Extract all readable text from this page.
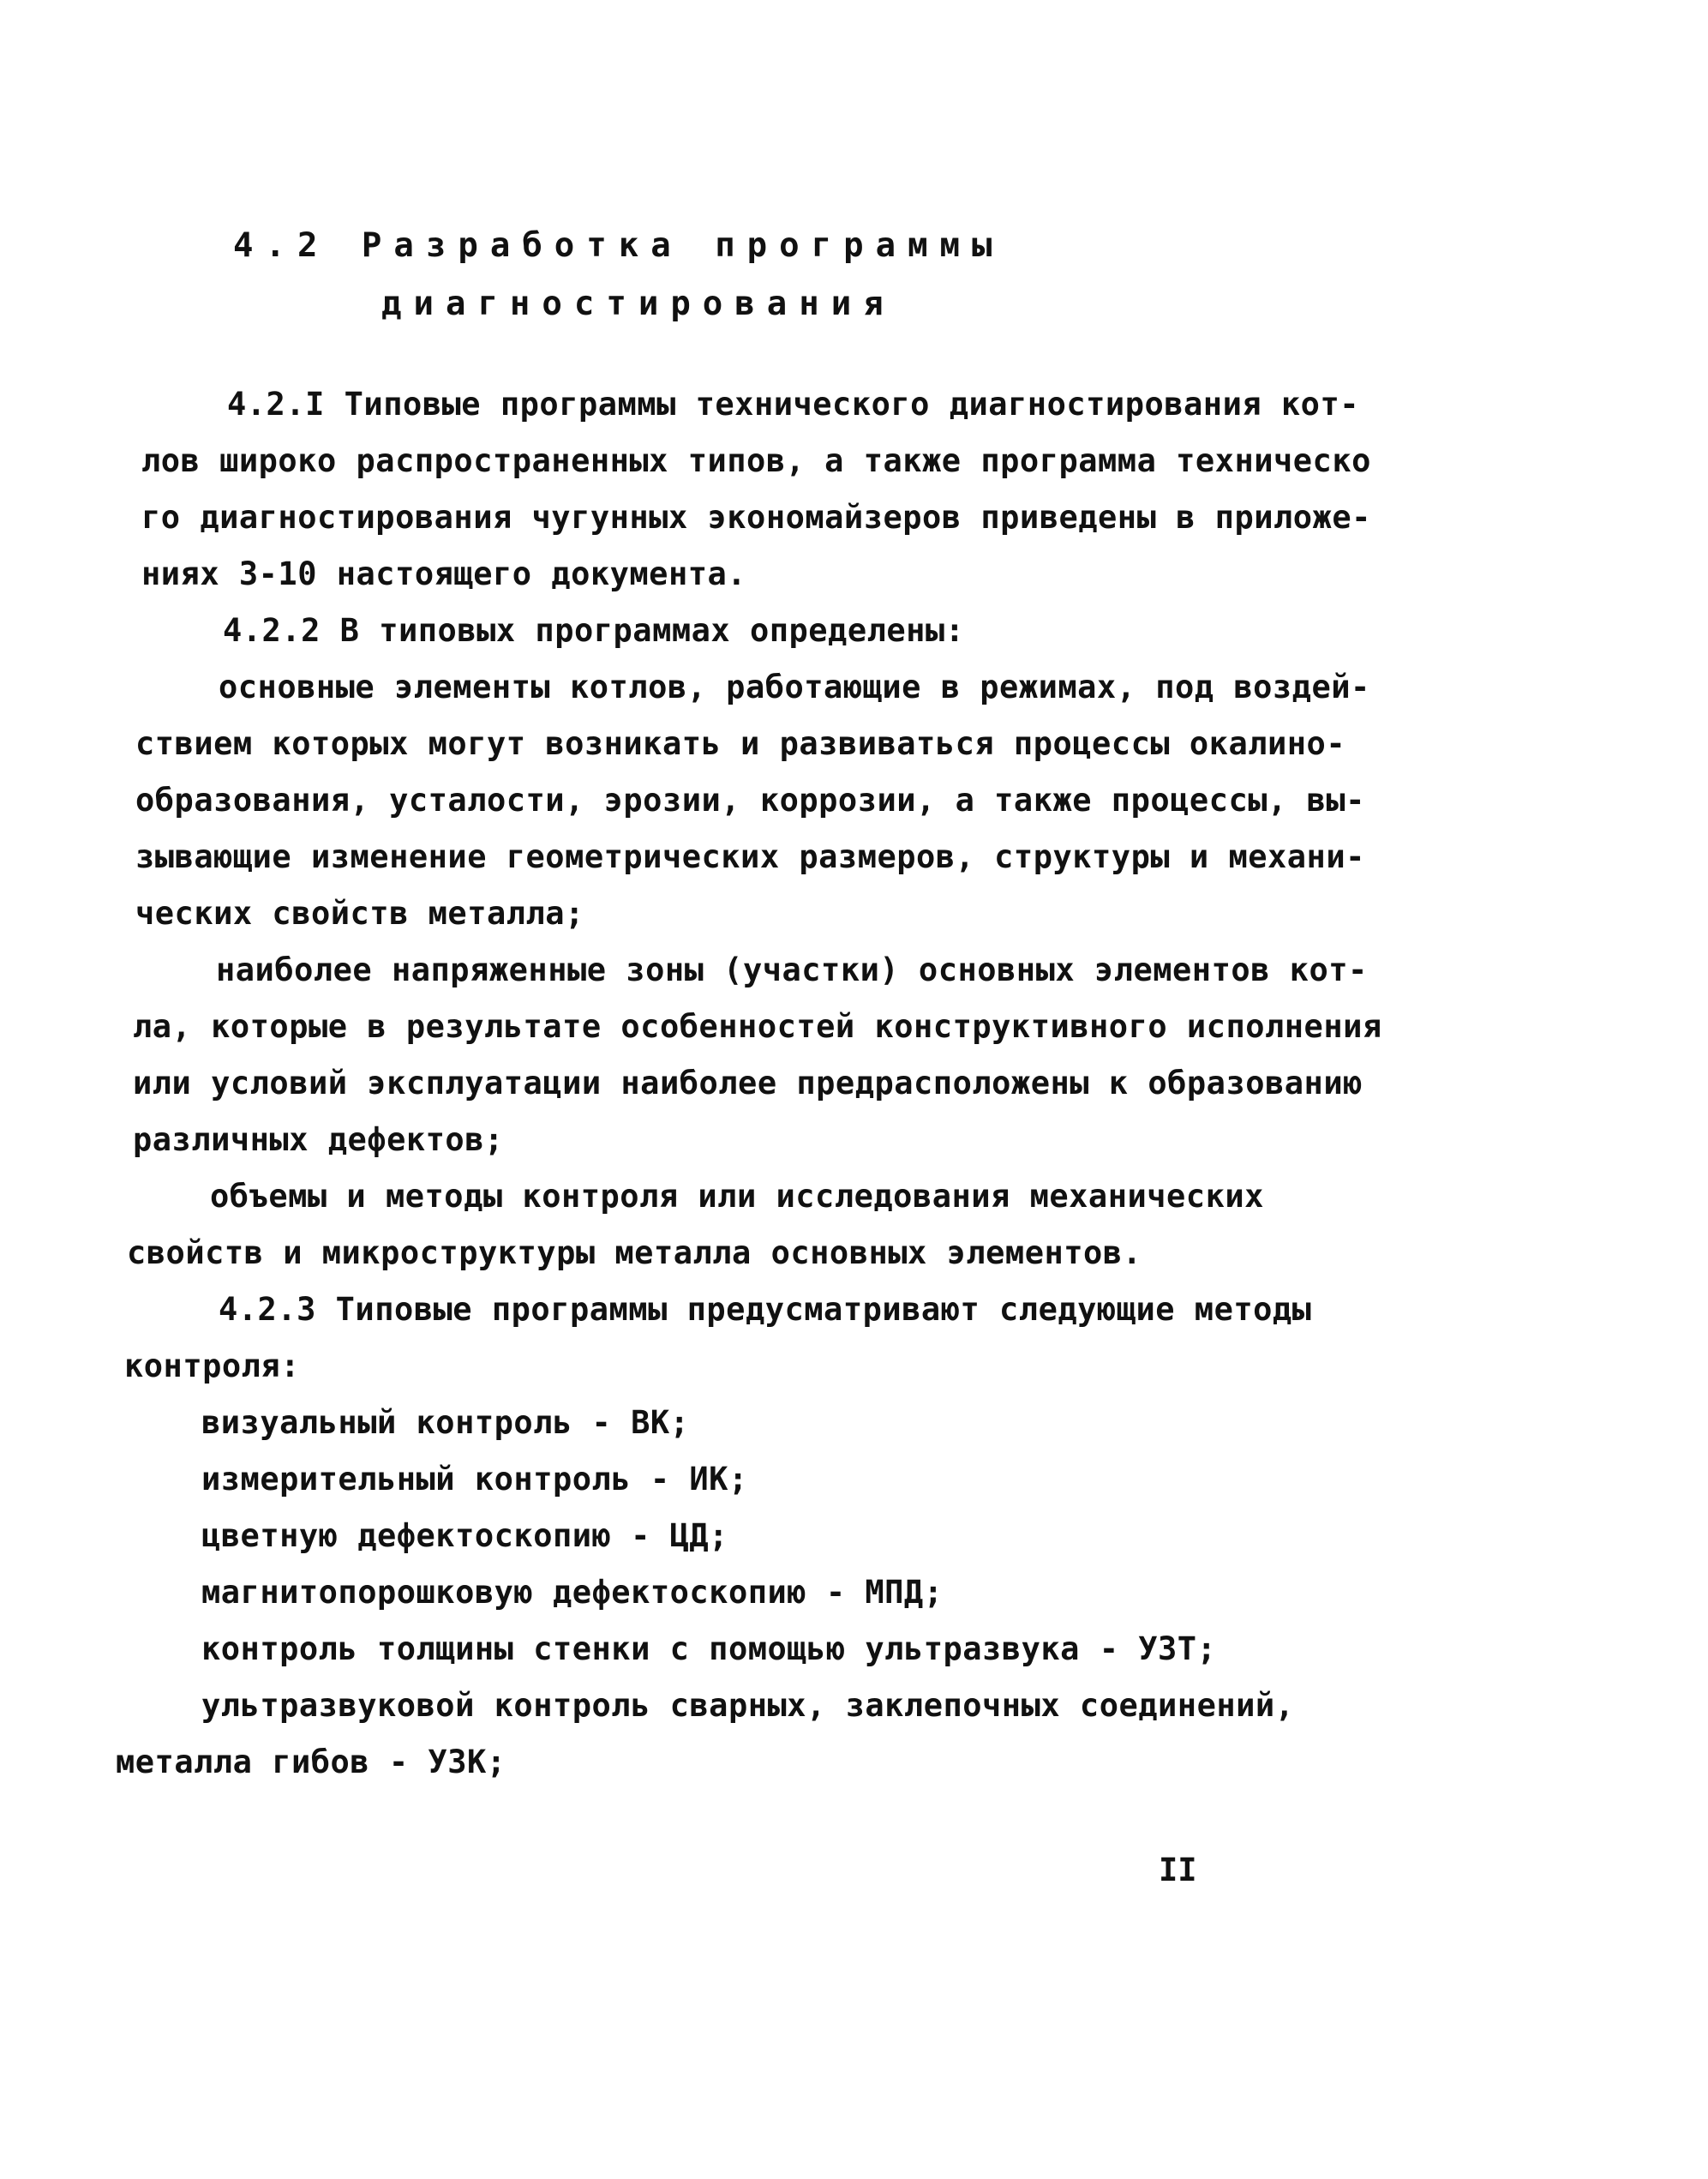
4.2 Разработка программы
диагностирования
4.2.I Типовые программы технического диагностирования кот-
лов широко распространенных типов, а также программа техническо
го диагностирования чугунных экономайзеров приведены в приложе-
ниях 3-10 настоящего документа.
4.2.2 В типовых программах определены:
основные элементы котлов, работающие в режимах, под воздей-
ствием которых могут возникать и развиваться процессы окалино-
образования, усталости, эрозии, коррозии, а также процессы, вы-
зывающие изменение геометрических размеров, структуры и механи-
ческих свойств металла;
наиболее напряженные зоны (участки) основных элементов кот-
ла, которые в результате особенностей конструктивного исполнения
или условий эксплуатации наиболее предрасположены к образованию
различных дефектов;
объемы и методы контроля или исследования механических
свойств и микроструктуры металла основных элементов.
4.2.3 Типовые программы предусматривают следующие методы
контроля:
визуальный контроль - ВК;
измерительный контроль - ИК;
цветную дефектоскопию - ЦД;
магнитопорошковую дефектоскопию - МПД;
контроль толщины стенки с помощью ультразвука - УЗТ;
ультразвуковой контроль сварных, заклепочных соединений,
металла гибов - УЗК;
II
